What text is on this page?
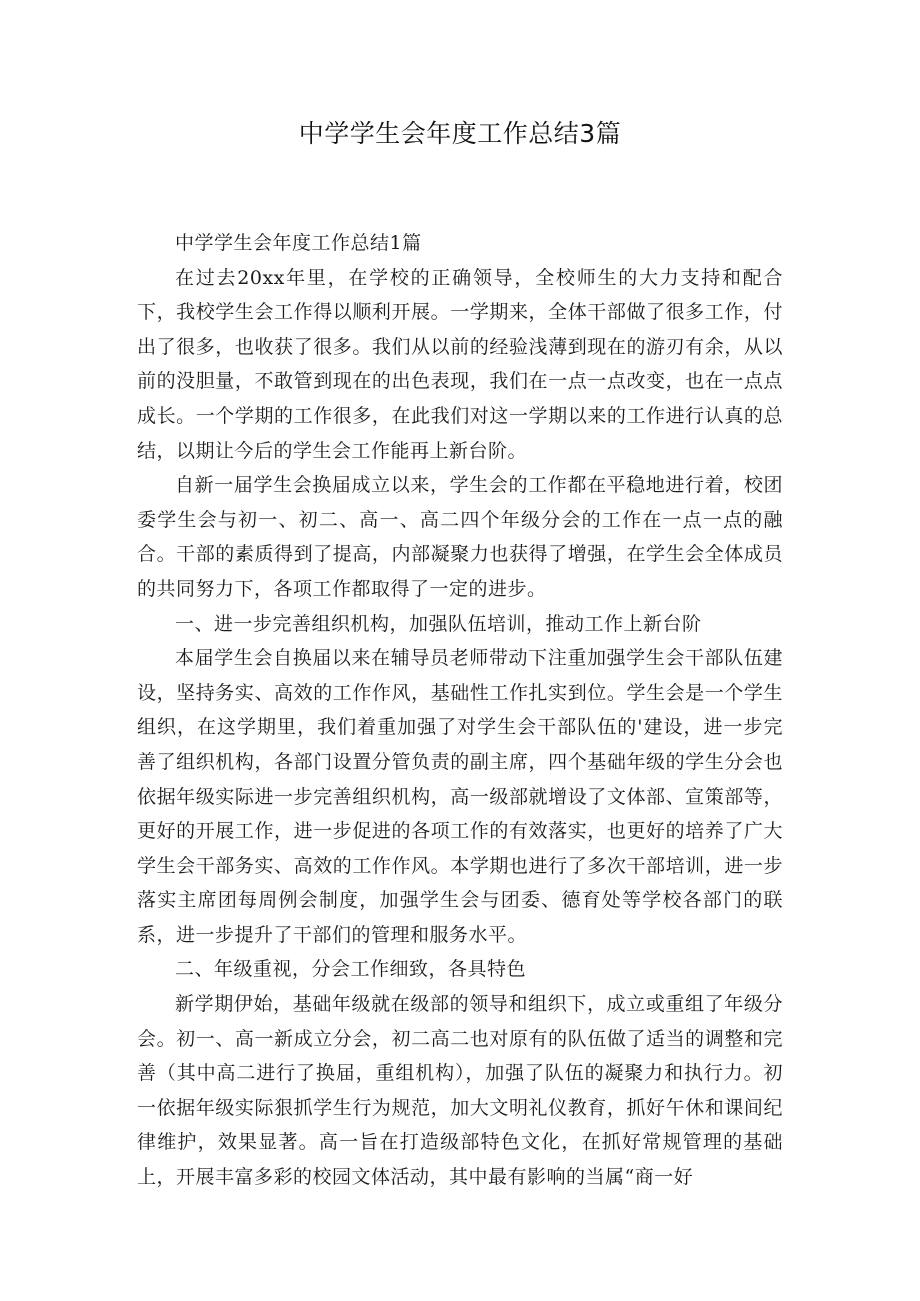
中学学生会年度工作总结3篇

中学学生会年度工作总结1篇

在过去20xx年里，在学校的正确领导，全校师生的大力支持和配合下，我校学生会工作得以顺利开展。一学期来，全体干部做了很多工作，付出了很多，也收获了很多。我们从以前的经验浅薄到现在的游刃有余，从以前的没胆量，不敢管到现在的出色表现，我们在一点一点改变，也在一点点成长。一个学期的工作很多，在此我们对这一学期以来的工作进行认真的总结，以期让今后的学生会工作能再上新台阶。

自新一届学生会换届成立以来，学生会的工作都在平稳地进行着，校团委学生会与初一、初二、高一、高二四个年级分会的工作在一点一点的融合。干部的素质得到了提高，内部凝聚力也获得了增强，在学生会全体成员的共同努力下，各项工作都取得了一定的进步。

一、进一步完善组织机构，加强队伍培训，推动工作上新台阶

本届学生会自换届以来在辅导员老师带动下注重加强学生会干部队伍建设，坚持务实、高效的工作作风，基础性工作扎实到位。学生会是一个学生组织，在这学期里，我们着重加强了对学生会干部队伍的'建设，进一步完善了组织机构，各部门设置分管负责的副主席，四个基础年级的学生分会也依据年级实际进一步完善组织机构，高一级部就增设了文体部、宣策部等，更好的开展工作，进一步促进的各项工作的有效落实，也更好的培养了广大学生会干部务实、高效的工作作风。本学期也进行了多次干部培训，进一步落实主席团每周例会制度，加强学生会与团委、德育处等学校各部门的联系，进一步提升了干部们的管理和服务水平。

二、年级重视，分会工作细致，各具特色

新学期伊始，基础年级就在级部的领导和组织下，成立或重组了年级分会。初一、高一新成立分会，初二高二也对原有的队伍做了适当的调整和完善（其中高二进行了换届，重组机构），加强了队伍的凝聚力和执行力。初一依据年级实际狠抓学生行为规范，加大文明礼仪教育，抓好午休和课间纪律维护，效果显著。高一旨在打造级部特色文化，在抓好常规管理的基础上，开展丰富多彩的校园文体活动，其中最有影响的当属“商一好
